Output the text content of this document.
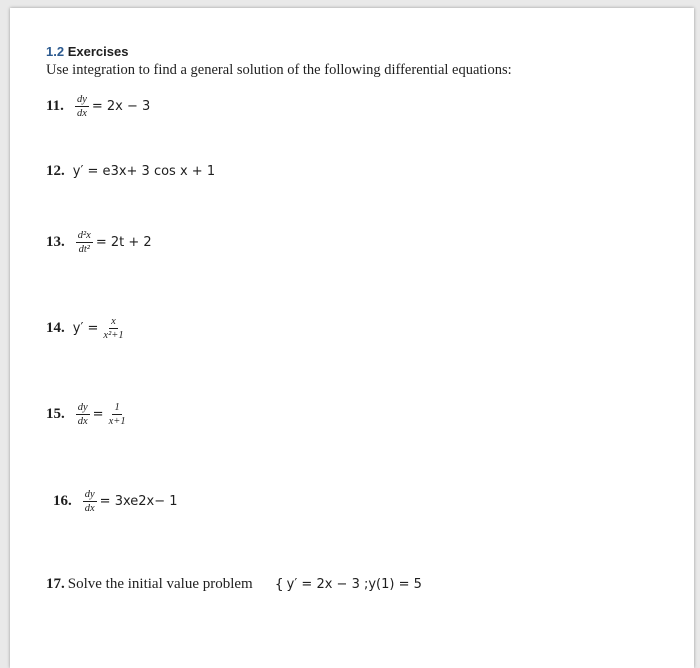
1.2 Exercises
Use integration to find a general solution of the following differential equations:
11. $\frac{dy}{dx} = 2x - 3$
12. y′ = e 3x + 3 cos x + 1
13. $\frac{\text{d²x}}{\text{dt²}} = 2t + 2$
14. $y' = \frac{x}{\text{x²+1}}$
15. $\frac{dy}{dx} = \frac{1}{x+1}$
16. $\frac{dy}{dx} = 3xe$ 2x − 1
17. Solve the initial value problem { y′ = 2x − 3 ;y(1) = 5
